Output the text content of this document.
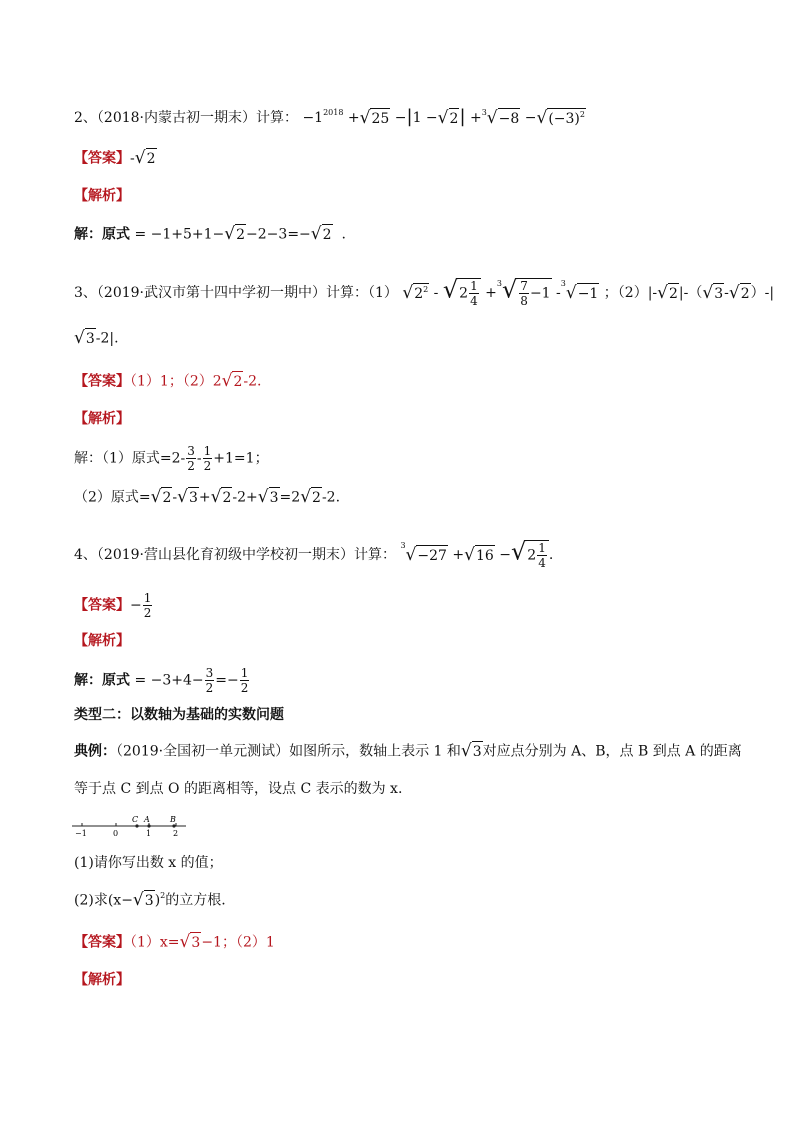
2、（2018·内蒙古初一期末）计算： $-1^{2018} +√25 -|1 -√2| +^3√-8 -√(-3)^2$
【答案】-√2
【解析】
解：原式 = −1+5+1−√2−2−3=−√2 .
3、（2019·武汉市第十四中学初一期中）计算：（1） $√2^2 - √2 \frac{1}{4} +^3√ \frac{7}{8} -1$ -$^3$√−1 ；（2）|-√2|-（√3-√2）-|
√3-2|.
【答案】（1）1；（2）2√2-2.
【解析】
解：（1）原式$=2- \frac{3}{2} - \frac{1}{2} +1=1$；
（2）原式=√2-√3+√2-2+√3=2√2-2.
4、（2019·营山县化育初级中学校初一期末）计算： $^3√-27 +√16 -√2 \frac{1}{4}$ .
【答案】− $\frac{1}{2}$
【解析】
解：原式 = $-3+4- \frac{3}{2} =- \frac{1}{2}$
类型二：以数轴为基础的实数问题
典例：（2019·全国初一单元测试）如图所示，数轴上表示 1 和√3对应点分别为 A、B，点 B 到点 A 的距离
等于点 C 到点 O 的距离相等，设点 C 表示的数为 x.
C A	B
−1	0	1	2
(1)请你写出数 x 的值；
(2)求$(x-√3)^2$的立方根.
【答案】（1）x=√3−1；（2）1
【解析】
